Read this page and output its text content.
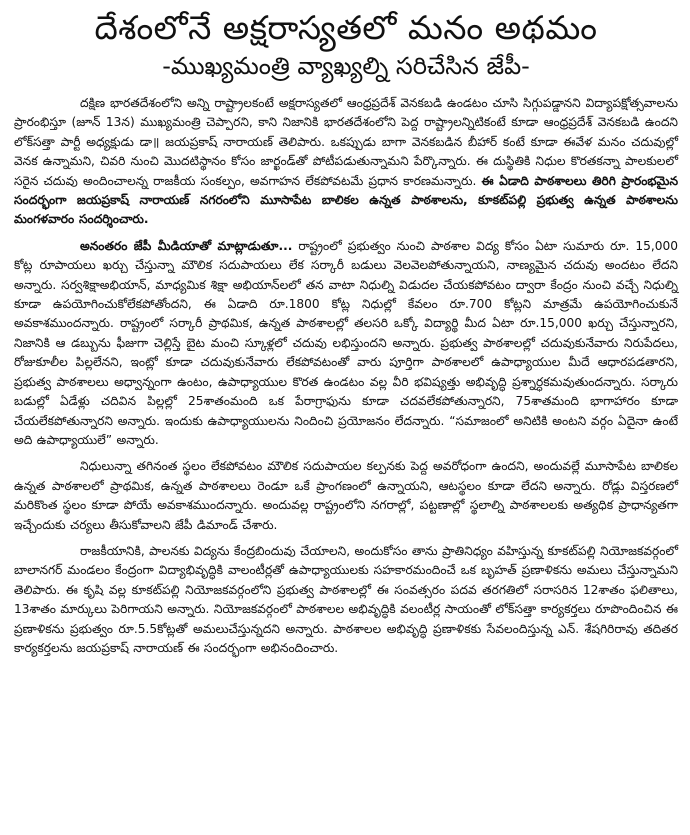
దేశంలోనే అక్షరాస్యతలో మనం అథమం
-ముఖ్యమంత్రి వ్యాఖ్యల్ని సరిచేసిన జేపీ-

దక్షిణ భారతదేశంలోని అన్ని రాష్ట్రాలకంటే అక్షరాస్యతలో ఆంధ్రప్రదేశ్ వెనకబడి ఉండటం చూసి సిగ్గుపడ్డానని విద్యాపక్షోత్సవాలను ప్రారంభిస్తూ (జూన్ 13న) ముఖ్యమంత్రి చెప్పారని, కాని నిజానికి భారతదేశంలోని పెద్ద రాష్ట్రాలన్నిటికంటే కూడా ఆంధ్రప్రదేశ్ వెనకబడి ఉందని లోక్‌సత్తా పార్టీ అధ్యక్షుడు డా॥ జయప్రకాష్ నారాయణ్ తెలిపారు. ఒకప్పుడు బాగా వెనకబడిన బీహార్ కంటే కూడా ఈవేళ మనం చదువుల్లో వెనక ఉన్నామని, చివరి నుంచి మొదటిస్థానం కోసం జార్ఖండ్‌తో పోటీపడుతున్నామని పేర్కొన్నారు. ఈ దుస్థితికి నిధుల కొరతకన్నా పాలకులలో సరైన చదువు అందించాలన్న రాజకీయ సంకల్పం, అవగాహన లేకపోవటమే ప్రధాన కారణమన్నారు. ఈ ఏడాది పాఠశాలలు తిరిగి ప్రారంభమైన సందర్భంగా జయప్రకాష్ నారాయణ్ నగరంలోని మూసాపేట బాలికల ఉన్నత పాఠశాలను, కూకట్‌పల్లి ప్రభుత్వ ఉన్నత పాఠశాలను మంగళవారం సందర్శించారు.

అనంతరం జేపీ మీడియాతో మాట్లాడుతూ... రాష్ట్రంలో ప్రభుత్వం నుంచి పాఠశాల విద్య కోసం ఏటా సుమారు రూ. 15,000 కోట్ల రూపాయలు ఖర్చు చేస్తున్నా మౌలిక సదుపాయలు లేక సర్కారీ బడులు వెలవెలపోతున్నాయని, నాణ్యమైన చదువు అందటం లేదని అన్నారు. సర్వశిక్షాఅభియాన్, మాధ్యమిక శిక్షా అభియాన్‌లలో తన వాటా నిధుల్ని విడుదల చేయకపోవటం ద్వారా కేంద్రం నుంచి వచ్చే నిధుల్ని కూడా ఉపయోగించుకోలేకపోతోందని, ఈ ఏడాది రూ.1800 కోట్ల నిధుల్లో కేవలం రూ.700 కోట్లని మాత్రమే ఉపయోగించుకునే అవకాశముందన్నారు. రాష్ట్రంలో సర్కారీ ప్రాథమిక, ఉన్నత పాఠశాలల్లో తలసరి ఒక్కో విద్యార్థి మీద ఏటా రూ.15,000 ఖర్చు చేస్తున్నారని, నిజానికి ఆ డబ్బును ఫీజుగా చెల్లిస్తే బైట మంచి స్కూళ్లలో చదువు లభిస్తుందని అన్నారు. ప్రభుత్వ పాఠశాలల్లో చదువుకునేవారు నిరుపేదలు, రోజుకూలీల పిల్లలేనని, ఇంట్లో కూడా చదువుకునేవారు లేకపోవటంతో వారు పూర్తిగా పాఠశాలలో ఉపాధ్యాయుల మీదే ఆధారపడతారని, ప్రభుత్వ పాఠశాలలు అధ్వాన్నంగా ఉంటం, ఉపాధ్యాయుల కొరత ఉండటం వల్ల వీరి భవిష్యత్తు అభివృద్ధి ప్రశ్నార్ధకమవుతుందన్నారు. సర్కారు బడుల్లో ఏడేళ్లు చదివిన పిల్లల్లో 25శాతంమంది ఒక పేరాగ్రాఫును కూడా చదవలేకపోతున్నారని, 75శాతమంది భాగాహారం కూడా చేయలేకపోతున్నారని అన్నారు. ఇందుకు ఉపాధ్యాయులను నిందించి ప్రయోజనం లేదన్నారు. “సమాజంలో అనిటికి అంటని వర్గం ఏదైనా ఉంటే అది ఉపాధ్యాయులే” అన్నారు.

నిధులున్నా తగినంత స్థలం లేకపోవటం మౌలిక సదుపాయల కల్పనకు పెద్ద అవరోధంగా ఉందని, అందువల్లే మూసాపేట బాలికల ఉన్నత పాఠశాలలో ప్రాథమిక, ఉన్నత పాఠశాలలు రెండూ ఒకే ప్రాంగణంలో ఉన్నాయని, ఆటస్థలం కూడా లేదని అన్నారు. రోడ్లు విస్తరణలో మరికొంత స్థలం కూడా పోయే అవకాశముందన్నారు. అందువల్ల రాష్ట్రంలోని నగరాల్లో, పట్టణాల్లో స్థలాల్ని పాఠశాలలకు అత్యధిక ప్రాధాన్యతగా ఇచ్చేందుకు చర్యలు తీసుకోవాలని జేపీ డిమాండ్ చేశారు.

రాజకీయానికి, పాలనకు విద్యను కేంద్రబిందువు చేయాలని, అందుకోసం తాను ప్రాతినిధ్యం వహిస్తున్న కూకట్‌పల్లి నియోజకవర్గంలో బాలానగర్ మండలం కేంద్రంగా విద్యాభివృద్ధికి వాలంటీర్లతో ఉపాధ్యాయులకు సహకారమందించే ఒక బృహత్ ప్రణాళికను అమలు చేస్తున్నామని తెలిపారు. ఈ కృషి వల్ల కూకట్‌పల్లి నియోజకవర్గంలోని ప్రభుత్వ పాఠశాలల్లో ఈ సంవత్సరం పదవ తరగతిలో సరాసరిన 12శాతం ఫలితాలు, 13శాతం మార్కులు పెరిగాయని అన్నారు. నియోజకవర్గంలో పాఠశాలల అభివృద్ధికి వలంటీర్ల సాయంతో లోక్‌సత్తా కార్యకర్తలు రూపొందించిన ఈ ప్రణాళికను ప్రభుత్వం రూ.5.5కోట్లతో అమలుచేస్తున్నదని అన్నారు. పాఠశాలల అభివృద్ధి ప్రణాళికకు సేవలందిస్తున్న ఎన్. శేషగిరిరావు తదితర కార్యకర్తలను జయప్రకాష్ నారాయణ్ ఈ సందర్భంగా అభినందించారు.
